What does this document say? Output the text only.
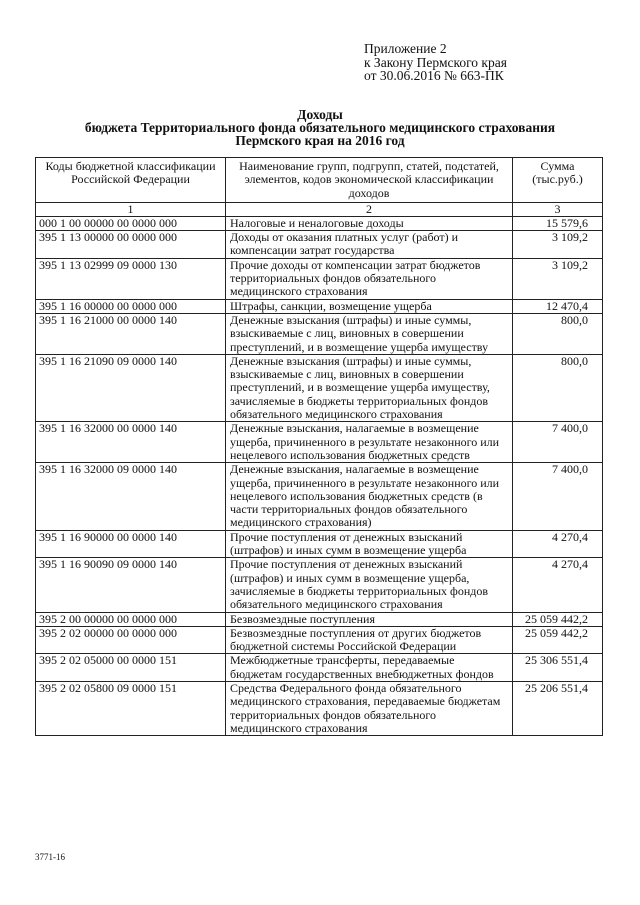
Приложение 2
к Закону Пермского края
от 30.06.2016 № 663-ПК
Доходы
бюджета Территориального фонда обязательного медицинского страхования
Пермского края на 2016 год
Коды бюджетной классификации Российской Федерации	Наименование групп, подгрупп, статей, подстатей, элементов, кодов экономической классификации доходов	Сумма (тыс.руб.)
1	2	3
000 1 00 00000 00 0000 000	Налоговые и неналоговые доходы	15 579,6
395 1 13 00000 00 0000 000	Доходы от оказания платных услуг (работ) и компенсации затрат государства	3 109,2
395 1 13 02999 09 0000 130	Прочие доходы от компенсации затрат бюджетов территориальных фондов обязательного медицинского страхования	3 109,2
395 1 16 00000 00 0000 000	Штрафы, санкции, возмещение ущерба	12 470,4
395 1 16 21000 00 0000 140	Денежные взыскания (штрафы) и иные суммы, взыскиваемые с лиц, виновных в совершении преступлений, и в возмещение ущерба имуществу	800,0
395 1 16 21090 09 0000 140	Денежные взыскания (штрафы) и иные суммы, взыскиваемые с лиц, виновных в совершении преступлений, и в возмещение ущерба имуществу, зачисляемые в бюджеты территориальных фондов обязательного медицинского страхования	800,0
395 1 16 32000 00 0000 140	Денежные взыскания, налагаемые в возмещение ущерба, причиненного в результате незаконного или нецелевого использования бюджетных средств	7 400,0
395 1 16 32000 09 0000 140	Денежные взыскания, налагаемые в возмещение ущерба, причиненного в результате незаконного или нецелевого использования бюджетных средств (в части территориальных фондов обязательного медицинского страхования)	7 400,0
395 1 16 90000 00 0000 140	Прочие поступления от денежных взысканий (штрафов) и иных сумм в возмещение ущерба	4 270,4
395 1 16 90090 09 0000 140	Прочие поступления от денежных взысканий (штрафов) и иных сумм в возмещение ущерба, зачисляемые в бюджеты территориальных фондов обязательного медицинского страхования	4 270,4
395 2 00 00000 00 0000 000	Безвозмездные поступления	25 059 442,2
395 2 02 00000 00 0000 000	Безвозмездные поступления от других бюджетов бюджетной системы Российской Федерации	25 059 442,2
395 2 02 05000 00 0000 151	Межбюджетные трансферты, передаваемые бюджетам государственных внебюджетных фондов	25 306 551,4
395 2 02 05800 09 0000 151	Средства Федерального фонда обязательного медицинского страхования, передаваемые бюджетам территориальных фондов обязательного медицинского страхования	25 206 551,4
3771-16
